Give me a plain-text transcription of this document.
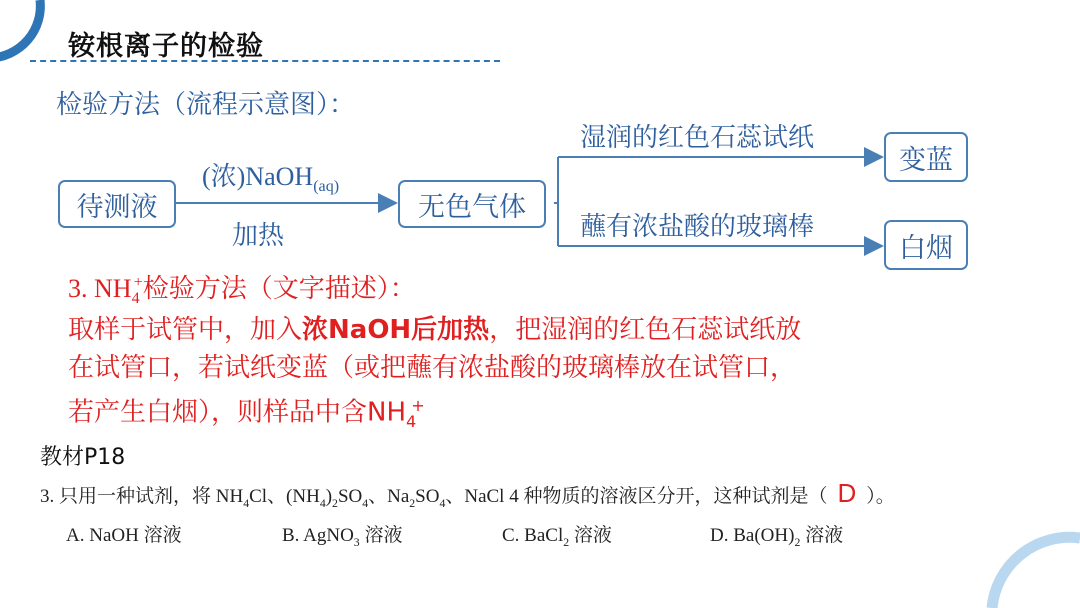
铵根离子的检验
检验方法（流程示意图）：
待测液
(浓)NaOH$_{(aq)}$
加热
无色气体
湿润的红色石蕊试纸
蘸有浓盐酸的玻璃棒
变蓝
白烟
3. $NH_4^+$检验方法（文字描述）：
取样于试管中，加入浓NaOH后加热，把湿润的红色石蕊试纸放
在试管口，若试纸变蓝（或把蘸有浓盐酸的玻璃棒放在试管口，
若产生白烟），则样品中含$NH_4^+$
教材P18
3. 只用一种试剂，将 $NH_4Cl$、$(NH_4)_2SO_4$、$Na_2SO_4$、NaCl 4 种物质的溶液区分开，这种试剂是（ D ）。
A. NaOH 溶液	B. AgNO$_3$ 溶液	C. BaCl$_2$ 溶液	D. $Ba(OH)_2$ 溶液
